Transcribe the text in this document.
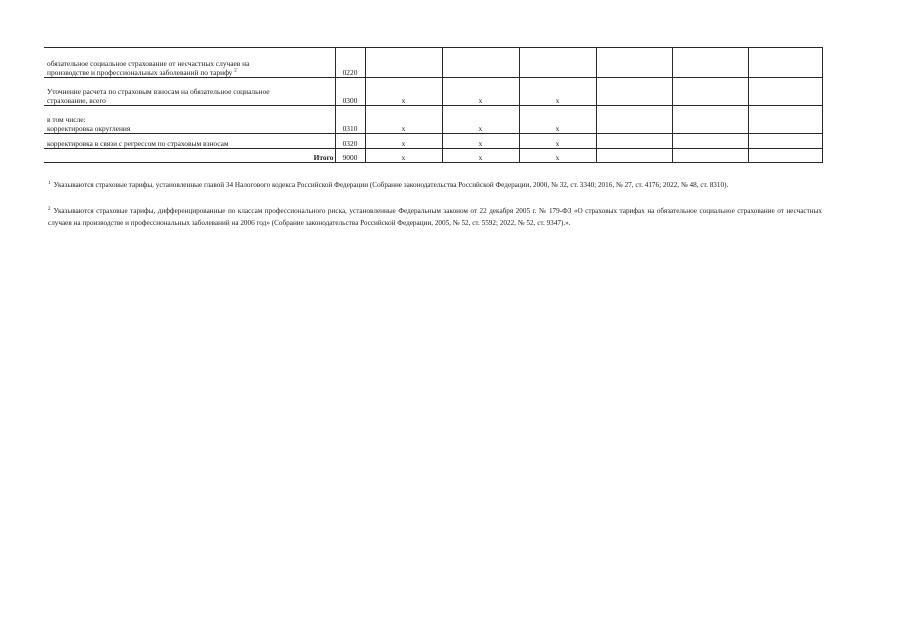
обязательное социальное страхование от несчастных случаев на
производстве и профессиональных заболеваний по тарифу $^2$	0220						
Уточнение расчета по страховым взносам на обязательное социальное
страхование, всего	0300	x	x	x			
в том числе:
корректировка округления	0310	x	x	x			
корректировка в связи с регрессом по страховым взносам	0320	x	x	x			
Итого	9000	x	x	x			

$^1$ Указываются страховые тарифы, установленные главой 34 Налогового кодекса Российской Федерации (Собрание законодательства Российской Федерации, 2000, № 32, ст. 3340; 2016, № 27, ст. 4176; 2022, № 48, ст. 8310).

$^2$ Указываются страховые тарифы, дифференцированные по классам профессионального риска, установленные Федеральным законом от 22 декабря 2005 г. № 179-ФЗ «О страховых тарифах на обязательное социальное страхование от несчастных случаев на производстве и профессиональных заболеваний на 2006 год» (Собрание законодательства Российской Федерации, 2005, № 52, ст. 5592; 2022, № 52, ст. 9347).».
